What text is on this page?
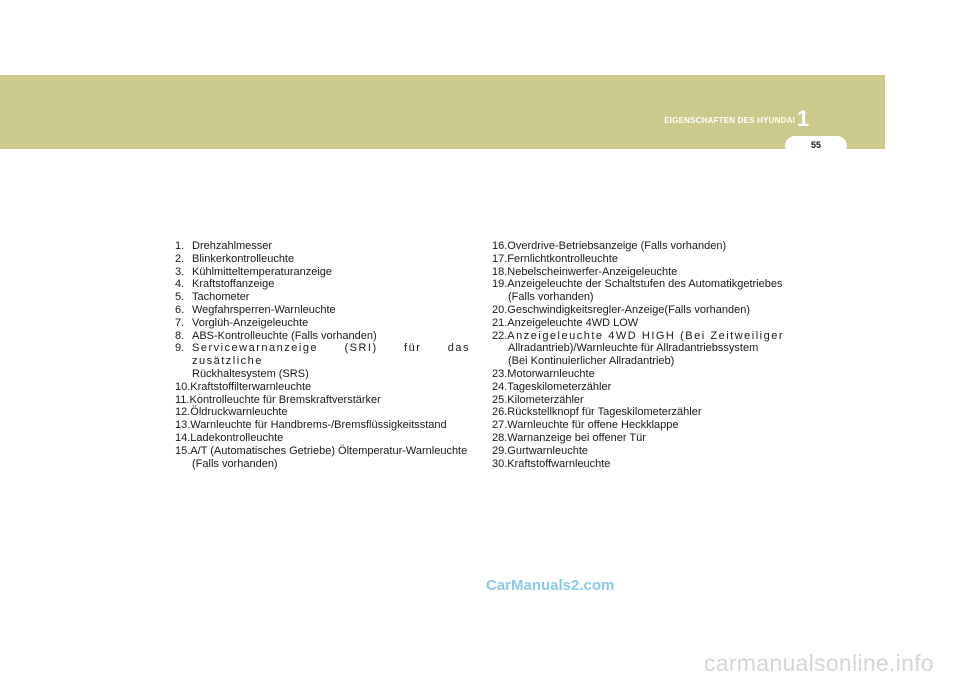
EIGENSCHAFTEN DES HYUNDAI 1
55
1. Drehzahlmesser
2. Blinkerkontrolleuchte
3. Kühlmitteltemperaturanzeige
4. Kraftstoffanzeige
5. Tachometer
6. Wegfahrsperren-Warnleuchte
7. Vorglüh-Anzeigeleuchte
8. ABS-Kontrolleuchte (Falls vorhanden)
9. Servicewarnanzeige (SRI) für das zusätzliche
Rückhaltesystem (SRS)
10. Kraftstoffilterwarnleuchte
11. Kontrolleuchte für Bremskraftverstärker
12. Öldruckwarnleuchte
13. Warnleuchte für Handbrems-/Bremsflüssigkeitsstand
14. Ladekontrolleuchte
15. A/T (Automatisches Getriebe) Öltemperatur-Warnleuchte
(Falls vorhanden)
16. Overdrive-Betriebsanzeige (Falls vorhanden)
17. Fernlichtkontrolleuchte
18. Nebelscheinwerfer-Anzeigeleuchte
19. Anzeigeleuchte der Schaltstufen des Automatikgetriebes
(Falls vorhanden)
20. Geschwindigkeitsregler-Anzeige(Falls vorhanden)
21. Anzeigeleuchte 4WD LOW
22. Anzeigeleuchte 4WD HIGH (Bei Zeitweiliger
Allradantrieb)/Warnleuchte für Allradantriebssystem
(Bei Kontinuierlicher Allradantrieb)
23. Motorwarnleuchte
24. Tageskilometerzähler
25. Kilometerzähler
26. Rückstellknopf für Tageskilometerzähler
27. Warnleuchte für offene Heckklappe
28. Warnanzeige bei offener Tür
29. Gurtwarnleuchte
30. Kraftstoffwarnleuchte
CarManuals2.com
carmanualsonline.info
